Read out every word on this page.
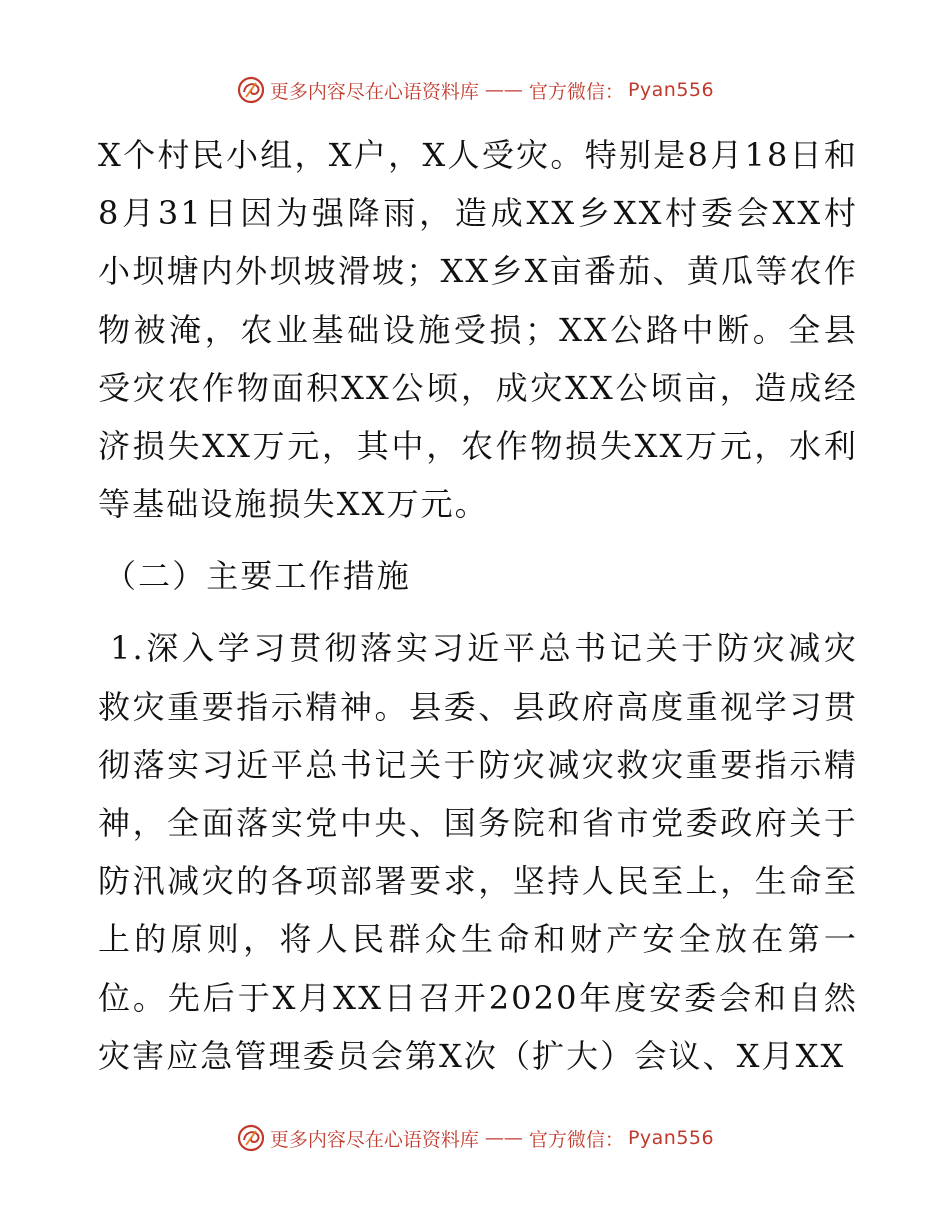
更多内容尽在心语资料库 —— 官方微信： Pyan556

X个村民小组，X户，X人受灾。特别是8月18日和8月31日因为强降雨，造成XX乡XX村委会XX村小坝塘内外坝坡滑坡；XX乡X亩番茄、黄瓜等农作物被淹，农业基础设施受损；XX公路中断。全县受灾农作物面积XX公顷，成灾XX公顷亩，造成经济损失XX万元，其中，农作物损失XX万元，水利等基础设施损失XX万元。

（二）主要工作措施

1.深入学习贯彻落实习近平总书记关于防灾减灾救灾重要指示精神。县委、县政府高度重视学习贯彻落实习近平总书记关于防灾减灾救灾重要指示精神，全面落实党中央、国务院和省市党委政府关于防汛减灾的各项部署要求，坚持人民至上，生命至上的原则，将人民群众生命和财产安全放在第一位。先后于X月XX日召开2020年度安委会和自然灾害应急管理委员会第X次（扩大）会议、X月XX

更多内容尽在心语资料库 —— 官方微信： Pyan556
